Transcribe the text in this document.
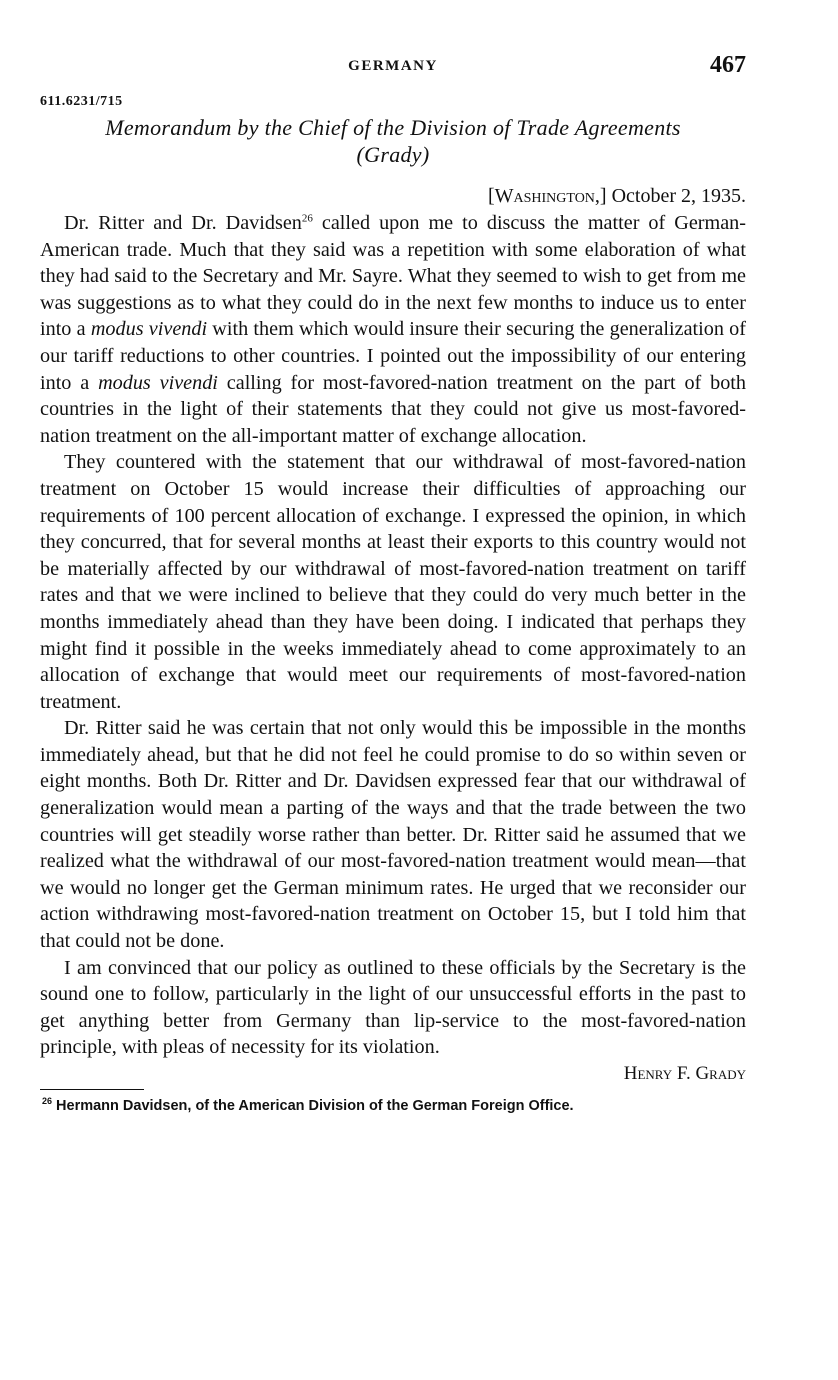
GERMANY	467
611.6231/715
Memorandum by the Chief of the Division of Trade Agreements
(Grady)
[Washington,] October 2, 1935.

Dr. Ritter and Dr. Davidsen$^{26}$ called upon me to discuss the matter of German-American trade. Much that they said was a repetition with some elaboration of what they had said to the Secretary and Mr. Sayre. What they seemed to wish to get from me was suggestions as to what they could do in the next few months to induce us to enter into a modus vivendi with them which would insure their securing the generalization of our tariff reductions to other countries. I pointed out the impossibility of our entering into a modus vivendi calling for most-favored-nation treatment on the part of both countries in the light of their statements that they could not give us most-favored-nation treatment on the all-important matter of exchange allocation.

They countered with the statement that our withdrawal of most-favored-nation treatment on October 15 would increase their difficulties of approaching our requirements of 100 percent allocation of exchange. I expressed the opinion, in which they concurred, that for several months at least their exports to this country would not be materially affected by our withdrawal of most-favored-nation treatment on tariff rates and that we were inclined to believe that they could do very much better in the months immediately ahead than they have been doing. I indicated that perhaps they might find it possible in the weeks immediately ahead to come approximately to an allocation of exchange that would meet our requirements of most-favored-nation treatment.

Dr. Ritter said he was certain that not only would this be impossible in the months immediately ahead, but that he did not feel he could promise to do so within seven or eight months. Both Dr. Ritter and Dr. Davidsen expressed fear that our withdrawal of generalization would mean a parting of the ways and that the trade between the two countries will get steadily worse rather than better. Dr. Ritter said he assumed that we realized what the withdrawal of our most-favored-nation treatment would mean—that we would no longer get the German minimum rates. He urged that we reconsider our action withdrawing most-favored-nation treatment on October 15, but I told him that that could not be done.

I am convinced that our policy as outlined to these officials by the Secretary is the sound one to follow, particularly in the light of our unsuccessful efforts in the past to get anything better from Germany than lip-service to the most-favored-nation principle, with pleas of necessity for its violation.

Henry F. Grady
$^{26}$ Hermann Davidsen, of the American Division of the German Foreign Office.
